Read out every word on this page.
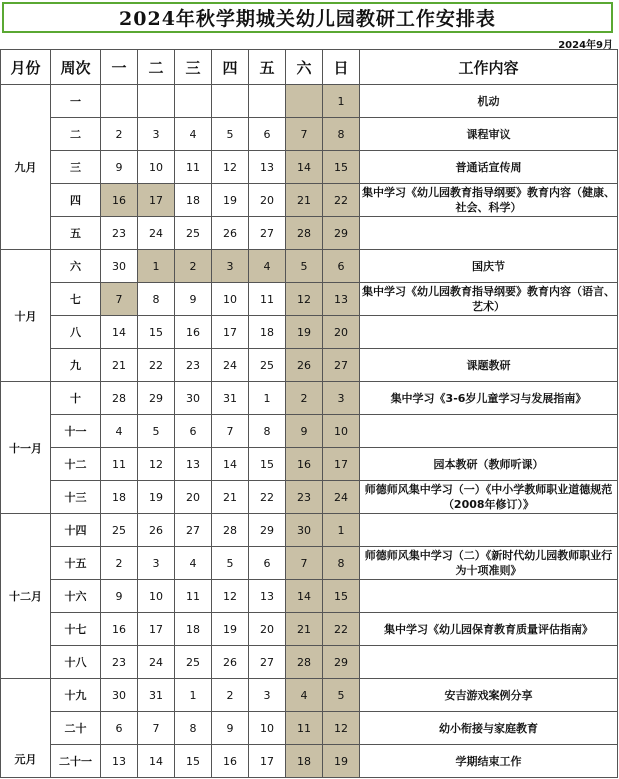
2024年秋学期城关幼儿园教研工作安排表
2024年9月
月份	周次	一	二	三	四	五	六	日	工作内容
九月	一							1	机动
	二	2	3	4	5	6	7	8	课程审议
	三	9	10	11	12	13	14	15	普通话宣传周
	四	16	17	18	19	20	21	22	集中学习《幼儿园教育指导纲要》教育内容（健康、社会、科学）
	五	23	24	25	26	27	28	29	
十月	六	30	1	2	3	4	5	6	国庆节
	七	7	8	9	10	11	12	13	集中学习《幼儿园教育指导纲要》教育内容（语言、艺术）
	八	14	15	16	17	18	19	20	
	九	21	22	23	24	25	26	27	课题教研
十一月	十	28	29	30	31	1	2	3	集中学习《3-6岁儿童学习与发展指南》
	十一	4	5	6	7	8	9	10	
	十二	11	12	13	14	15	16	17	园本教研（教师听课）
	十三	18	19	20	21	22	23	24	师德师风集中学习（一）《中小学教师职业道德规范（2008年修订）》
十二月	十四	25	26	27	28	29	30	1	
	十五	2	3	4	5	6	7	8	师德师风集中学习（二）《新时代幼儿园教师职业行为十项准则》
	十六	9	10	11	12	13	14	15	
	十七	16	17	18	19	20	21	22	集中学习《幼儿园保育教育质量评估指南》
	十八	23	24	25	26	27	28	29	
元月	十九	30	31	1	2	3	4	5	安吉游戏案例分享
	二十	6	7	8	9	10	11	12	幼小衔接与家庭教育
	二十一	13	14	15	16	17	18	19	学期结束工作
